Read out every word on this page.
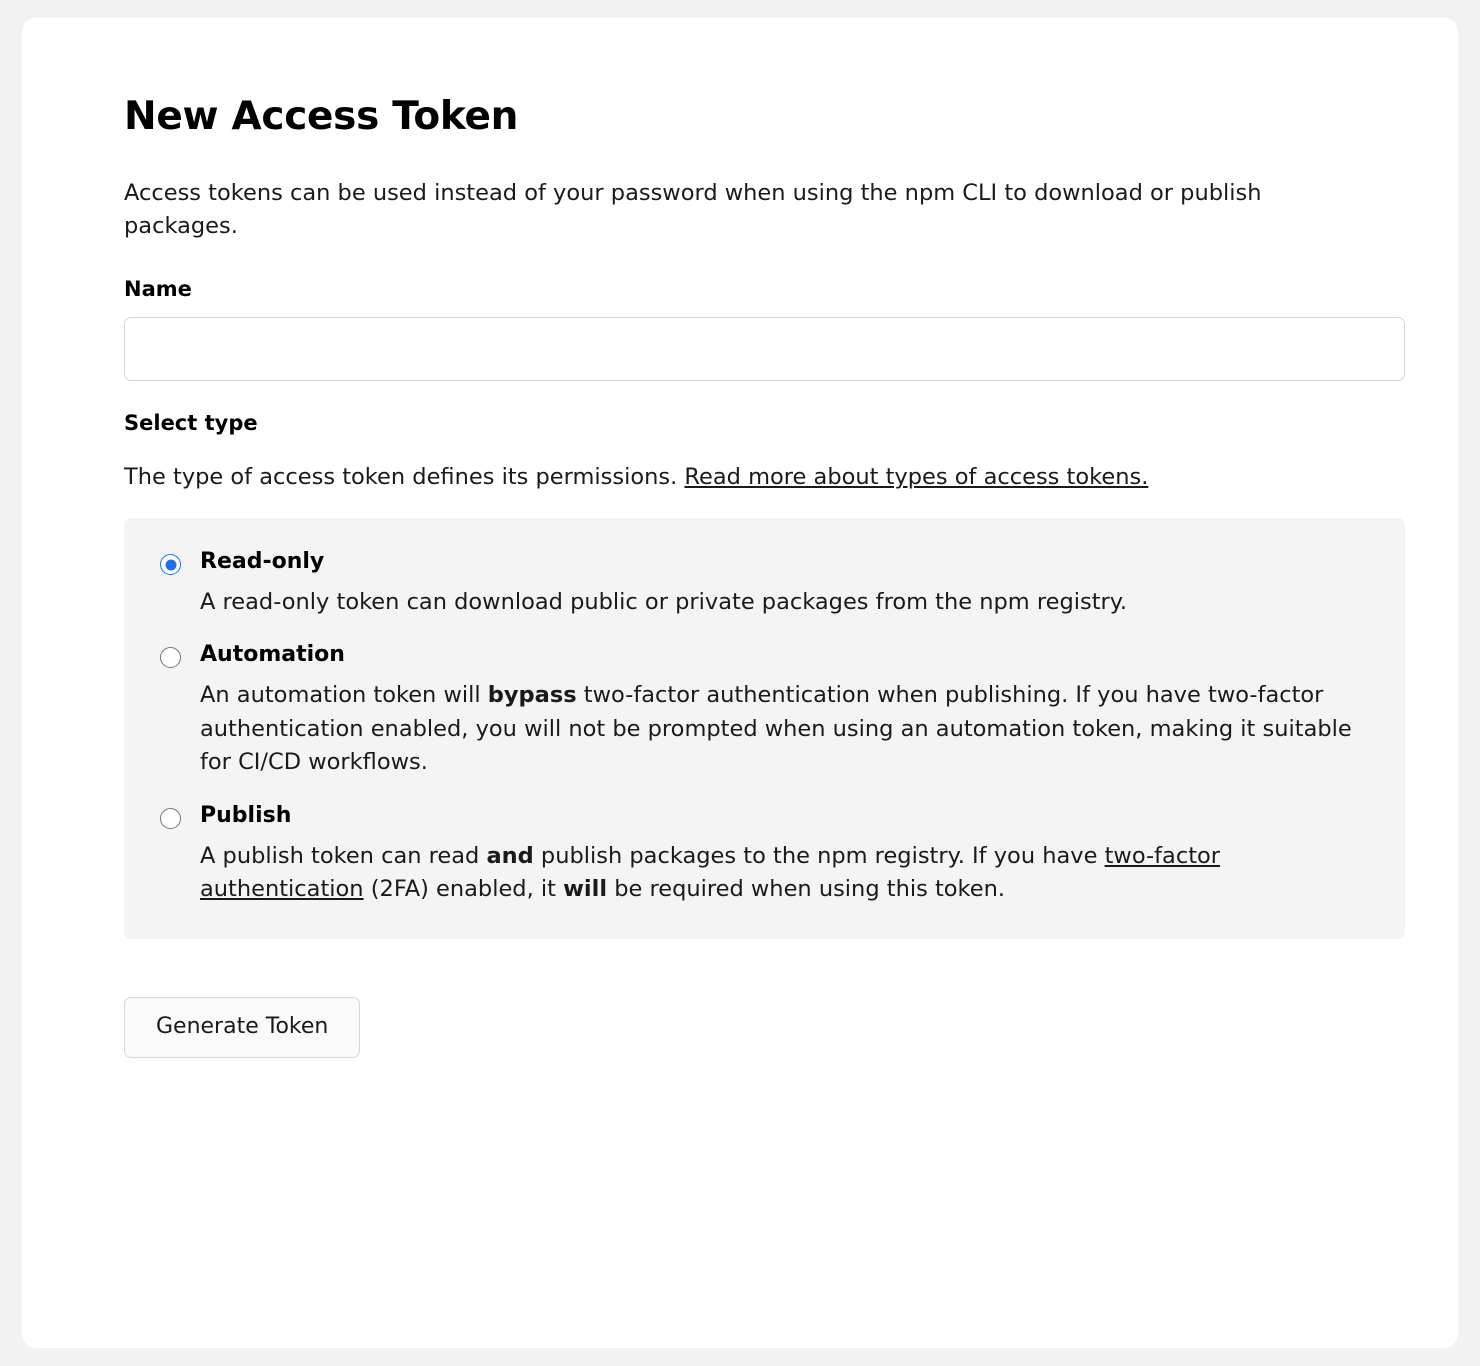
New Access Token

Access tokens can be used instead of your password when using the npm CLI to download or publish packages.

Name
Select type

The type of access token defines its permissions. Read more about types of access tokens.

Read-only

A read-only token can download public or private packages from the npm registry.

Automation

An automation token will bypass two-factor authentication when publishing. If you have two-factor authentication enabled, you will not be prompted when using an automation token, making it suitable for CI/CD workflows.

Publish

A publish token can read and publish packages to the npm registry. If you have two-factor authentication (2FA) enabled, it will be required when using this token.

Generate Token
